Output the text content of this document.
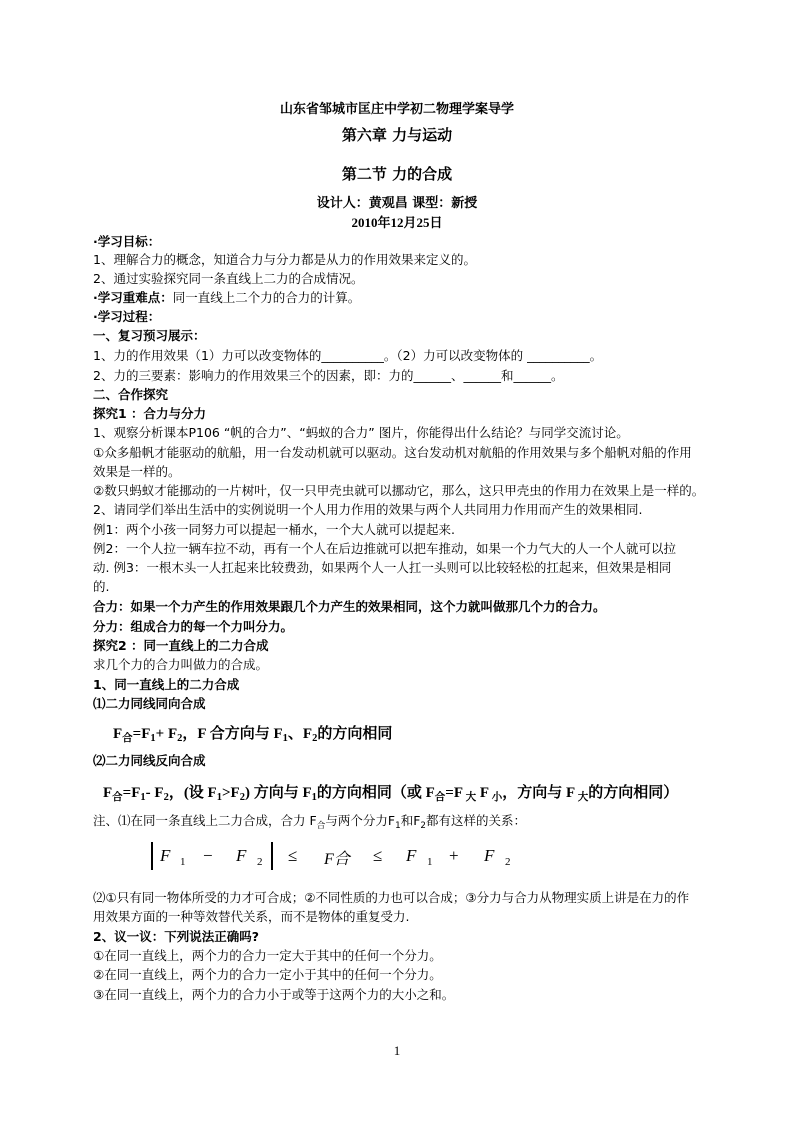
山东省邹城市匡庄中学初二物理学案导学
第六章 力与运动
第二节 力的合成
设计人：黄观昌 课型：新授
2010年12月25日
·学习目标：
1、理解合力的概念，知道合力与分力都是从力的作用效果来定义的。
2、通过实验探究同一条直线上二力的合成情况。
·学习重难点：同一直线上二个力的合力的计算。
·学习过程：
一、复习预习展示：
1、力的作用效果（1）力可以改变物体的__________。（2）力可以改变物体的 __________。
2、力的三要素：影响力的作用效果三个的因素，即：力的______、______和______。
二、合作探究
探究1 ：合力与分力
1、观察分析课本P106 “帆的合力”、“蚂蚁的合力” 图片，你能得出什么结论？与同学交流讨论。
①众多船帆才能驱动的航船，用一台发动机就可以驱动。这台发动机对航船的作用效果与多个船帆对船的作用
效果是一样的。
②数只蚂蚁才能挪动的一片树叶，仅一只甲壳虫就可以挪动它，那么，这只甲壳虫的作用力在效果上是一样的。
2、请同学们举出生活中的实例说明一个人用力作用的效果与两个人共同用力作用而产生的效果相同.
例1：两个小孩一同努力可以提起一桶水，一个大人就可以提起来.
例2：一个人拉一辆车拉不动，再有一个人在后边推就可以把车推动，如果一个力气大的人一个人就可以拉
动. 例3：一根木头一人扛起来比较费劲，如果两个人一人扛一头则可以比较轻松的扛起来，但效果是相同
的.
合力：如果一个力产生的作用效果跟几个力产生的效果相同，这个力就叫做那几个力的合力。
分力：组成合力的每一个力叫分力。
探究2 ：同一直线上的二力合成
求几个力的合力叫做力的合成。
1、同一直线上的二力合成
⑴二力同线同向合成
$F_合=F_1+ F_2$，F 合方向与 $F_1$、$F_2$的方向相同
⑵二力同线反向合成
$F_合=F_1-$ $F_2$，(设 $F_1>F_2$) 方向与 $F_1$的方向相同（或 $F_合=F$ $_大$ F $_小$，方向与 F $_大$的方向相同）
注、⑴在同一条直线上二力合成，合力 $F_合$与两个分力$F_1$和$F_2$都有这样的关系：
F 1 − F 2 ≤ F合 ≤ F 1 + F 2
⑵①只有同一物体所受的力才可合成；②不同性质的力也可以合成；③分力与合力从物理实质上讲是在力的作
用效果方面的一种等效替代关系，而不是物体的重复受力.
2、议一议：下列说法正确吗?
①在同一直线上，两个力的合力一定大于其中的任何一个分力。
②在同一直线上，两个力的合力一定小于其中的任何一个分力。
③在同一直线上，两个力的合力小于或等于这两个力的大小之和。
1
